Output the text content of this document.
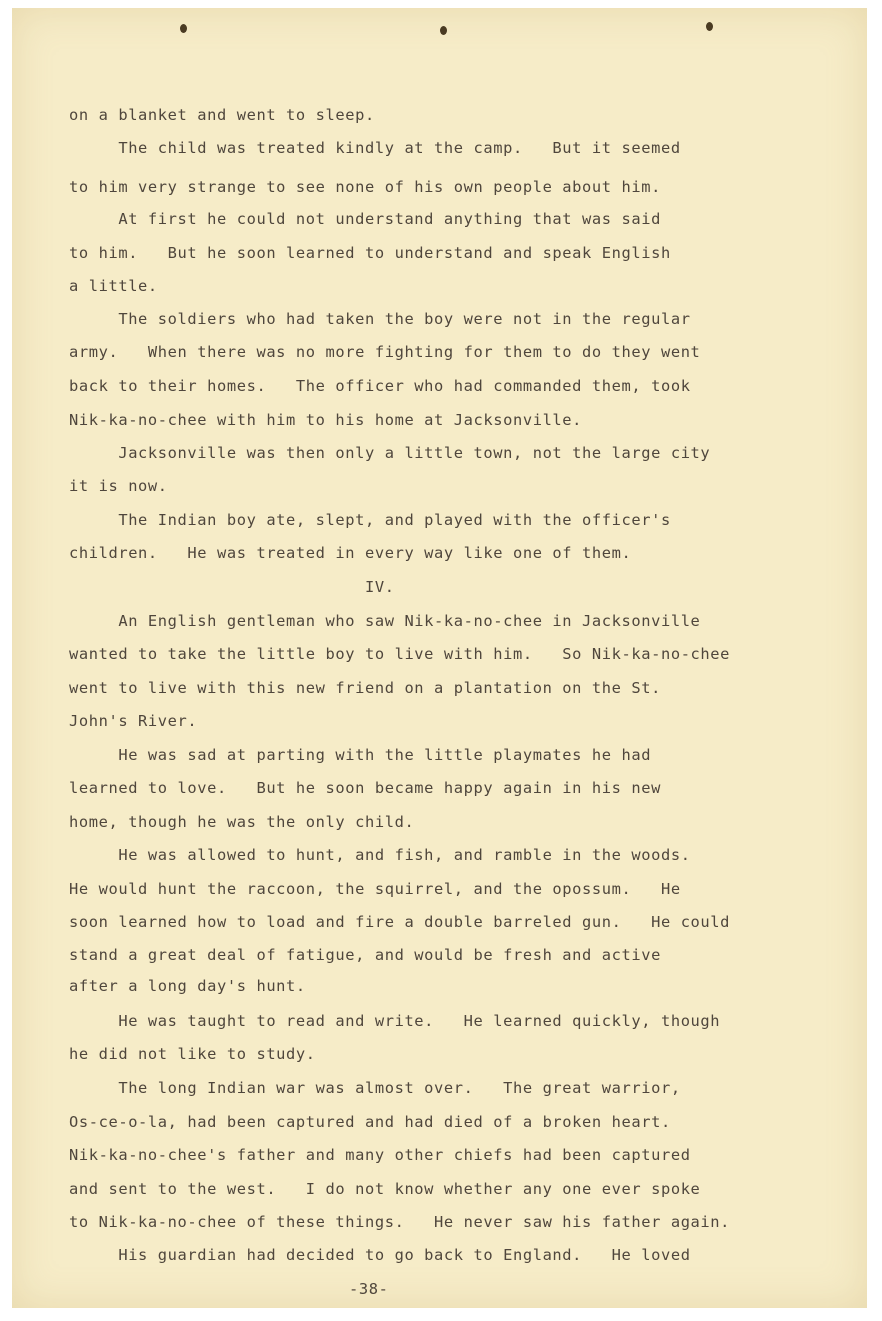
on a blanket and went to sleep.
The child was treated kindly at the camp.   But it seemed
to him very strange to see none of his own people about him.
At first he could not understand anything that was said
to him.   But he soon learned to understand and speak English
a little.
The soldiers who had taken the boy were not in the regular
army.   When there was no more fighting for them to do they went
back to their homes.   The officer who had commanded them, took
Nik-ka-no-chee with him to his home at Jacksonville.
Jacksonville was then only a little town, not the large city
it is now.
The Indian boy ate, slept, and played with the officer's
children.   He was treated in every way like one of them.
IV.
An English gentleman who saw Nik-ka-no-chee in Jacksonville
wanted to take the little boy to live with him.   So Nik-ka-no-chee
went to live with this new friend on a plantation on the St.
John's River.
He was sad at parting with the little playmates he had
learned to love.   But he soon became happy again in his new
home, though he was the only child.
He was allowed to hunt, and fish, and ramble in the woods.
He would hunt the raccoon, the squirrel, and the opossum.   He
soon learned how to load and fire a double barreled gun.   He could
stand a great deal of fatigue, and would be fresh and active
after a long day's hunt.
He was taught to read and write.   He learned quickly, though
he did not like to study.
The long Indian war was almost over.   The great warrior,
Os-ce-o-la, had been captured and had died of a broken heart.
Nik-ka-no-chee's father and many other chiefs had been captured
and sent to the west.   I do not know whether any one ever spoke
to Nik-ka-no-chee of these things.   He never saw his father again.
His guardian had decided to go back to England.   He loved
-38-
